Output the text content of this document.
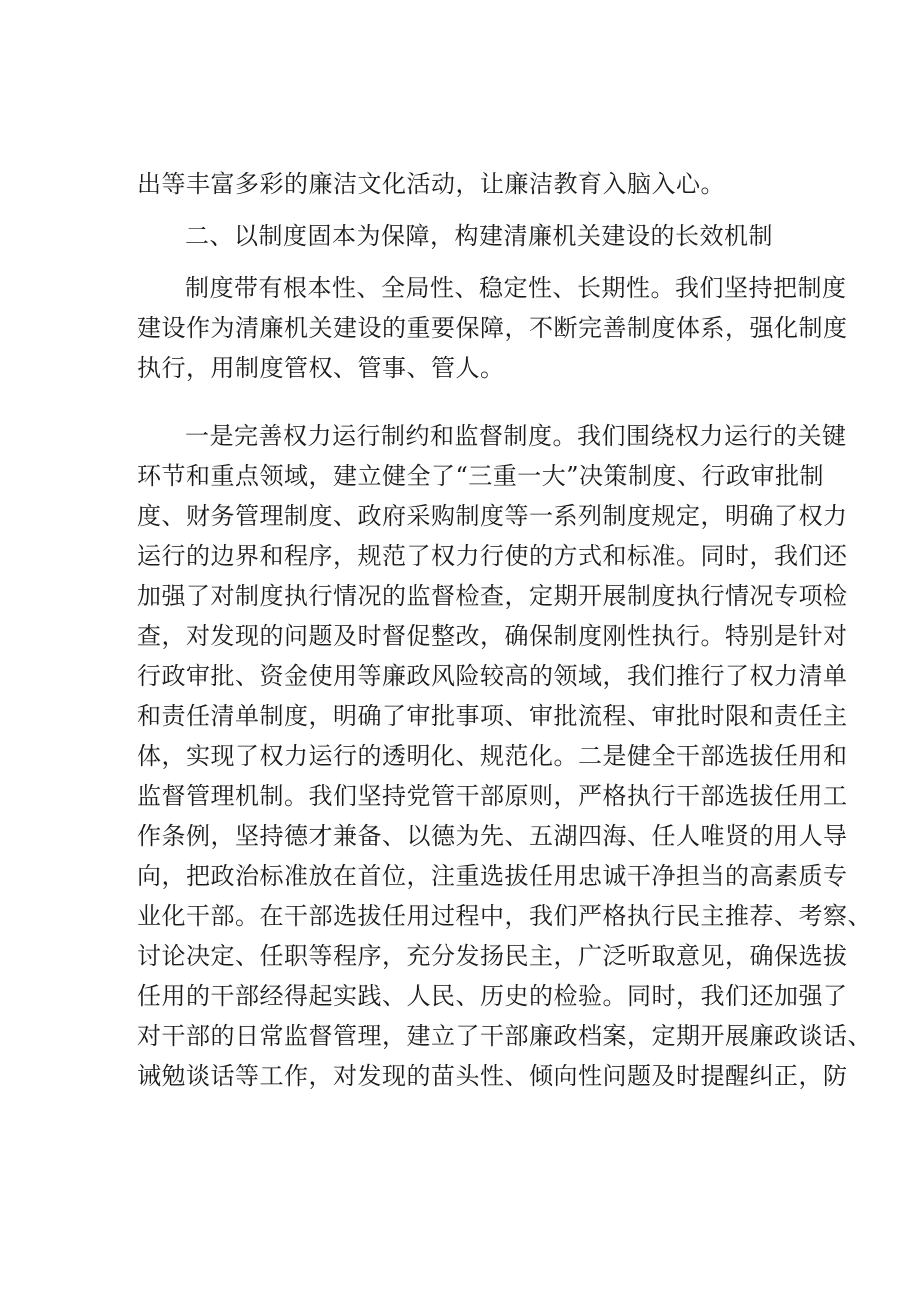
出等丰富多彩的廉洁文化活动，让廉洁教育入脑入心。
二、以制度固本为保障，构建清廉机关建设的长效机制
制度带有根本性、全局性、稳定性、长期性。我们坚持把制度
建设作为清廉机关建设的重要保障，不断完善制度体系，强化制度
执行，用制度管权、管事、管人。
一是完善权力运行制约和监督制度。我们围绕权力运行的关键
环节和重点领域，建立健全了“三重一大”决策制度、行政审批制
度、财务管理制度、政府采购制度等一系列制度规定，明确了权力
运行的边界和程序，规范了权力行使的方式和标准。同时，我们还
加强了对制度执行情况的监督检查，定期开展制度执行情况专项检
查，对发现的问题及时督促整改，确保制度刚性执行。特别是针对
行政审批、资金使用等廉政风险较高的领域，我们推行了权力清单
和责任清单制度，明确了审批事项、审批流程、审批时限和责任主
体，实现了权力运行的透明化、规范化。二是健全干部选拔任用和
监督管理机制。我们坚持党管干部原则，严格执行干部选拔任用工
作条例，坚持德才兼备、以德为先、五湖四海、任人唯贤的用人导
向，把政治标准放在首位，注重选拔任用忠诚干净担当的高素质专
业化干部。在干部选拔任用过程中，我们严格执行民主推荐、考察、
讨论决定、任职等程序，充分发扬民主，广泛听取意见，确保选拔
任用的干部经得起实践、人民、历史的检验。同时，我们还加强了
对干部的日常监督管理，建立了干部廉政档案，定期开展廉政谈话、
诫勉谈话等工作，对发现的苗头性、倾向性问题及时提醒纠正，防
